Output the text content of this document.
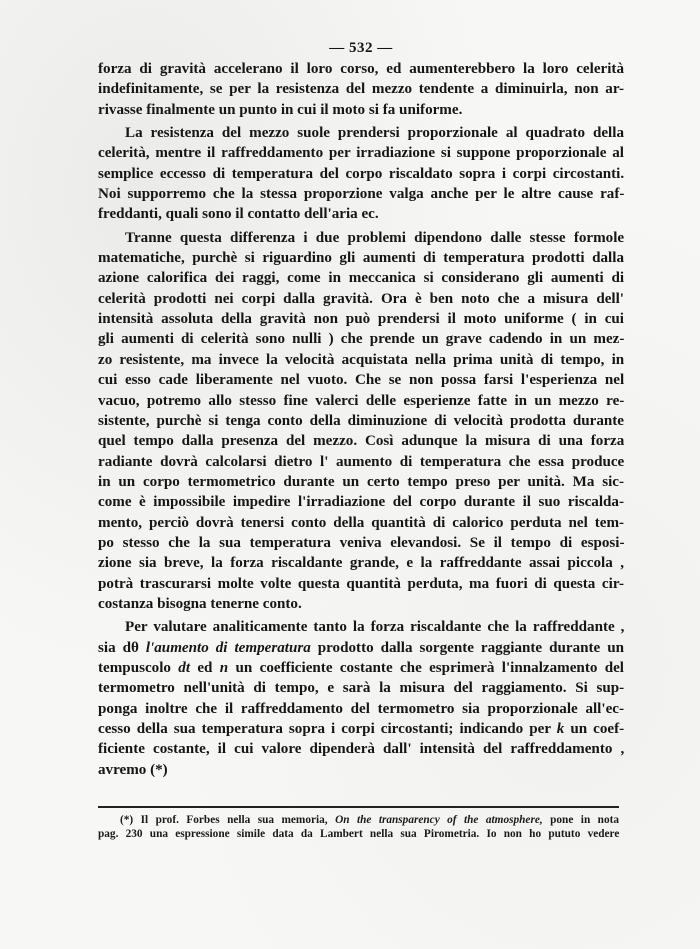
— 532 —
forza di gravità accelerano il loro corso, ed aumenterebbero la loro celerità
indefinitamente, se per la resistenza del mezzo tendente a diminuirla, non ar-
rivasse finalmente un punto in cui il moto si fa uniforme.
La resistenza del mezzo suole prendersi proporzionale al quadrato della
celerità, mentre il raffreddamento per irradiazione si suppone proporzionale al
semplice eccesso di temperatura del corpo riscaldato sopra i corpi circostanti.
Noi supporremo che la stessa proporzione valga anche per le altre cause raf-
freddanti, quali sono il contatto dell'aria ec.
Tranne questa differenza i due problemi dipendono dalle stesse formole
matematiche, purchè si riguardino gli aumenti di temperatura prodotti dalla
azione calorifica dei raggi, come in meccanica si considerano gli aumenti di
celerità prodotti nei corpi dalla gravità. Ora è ben noto che a misura dell'
intensità assoluta della gravità non può prendersi il moto uniforme ( in cui
gli aumenti di celerità sono nulli ) che prende un grave cadendo in un mez-
zo resistente, ma invece la velocità acquistata nella prima unità di tempo, in
cui esso cade liberamente nel vuoto. Che se non possa farsi l'esperienza nel
vacuo, potremo allo stesso fine valerci delle esperienze fatte in un mezzo re-
sistente, purchè si tenga conto della diminuzione di velocità prodotta durante
quel tempo dalla presenza del mezzo. Così adunque la misura di una forza
radiante dovrà calcolarsi dietro l' aumento di temperatura che essa produce
in un corpo termometrico durante un certo tempo preso per unità. Ma sic-
come è impossibile impedire l'irradiazione del corpo durante il suo riscalda-
mento, perciò dovrà tenersi conto della quantità di calorico perduta nel tem-
po stesso che la sua temperatura veniva elevandosi. Se il tempo di esposi-
zione sia breve, la forza riscaldante grande, e la raffreddante assai piccola ,
potrà trascurarsi molte volte questa quantità perduta, ma fuori di questa cir-
costanza bisogna tenerne conto.
Per valutare analiticamente tanto la forza riscaldante che la raffreddante ,
sia dθ l'aumento di temperatura prodotto dalla sorgente raggiante durante un
tempuscolo dt ed n un coefficiente costante che esprimerà l'innalzamento del
termometro nell'unità di tempo, e sarà la misura del raggiamento. Si sup-
ponga inoltre che il raffreddamento del termometro sia proporzionale all'ec-
cesso della sua temperatura sopra i corpi circostanti; indicando per k un coef-
ficiente costante, il cui valore dipenderà dall' intensità del raffreddamento ,
avremo (*)
(*) Il prof. Forbes nella sua memoria, On the transparency of the atmosphere, pone in nota
pag. 230 una espressione simile data da Lambert nella sua Pirometria. Io non ho pututo vedere
